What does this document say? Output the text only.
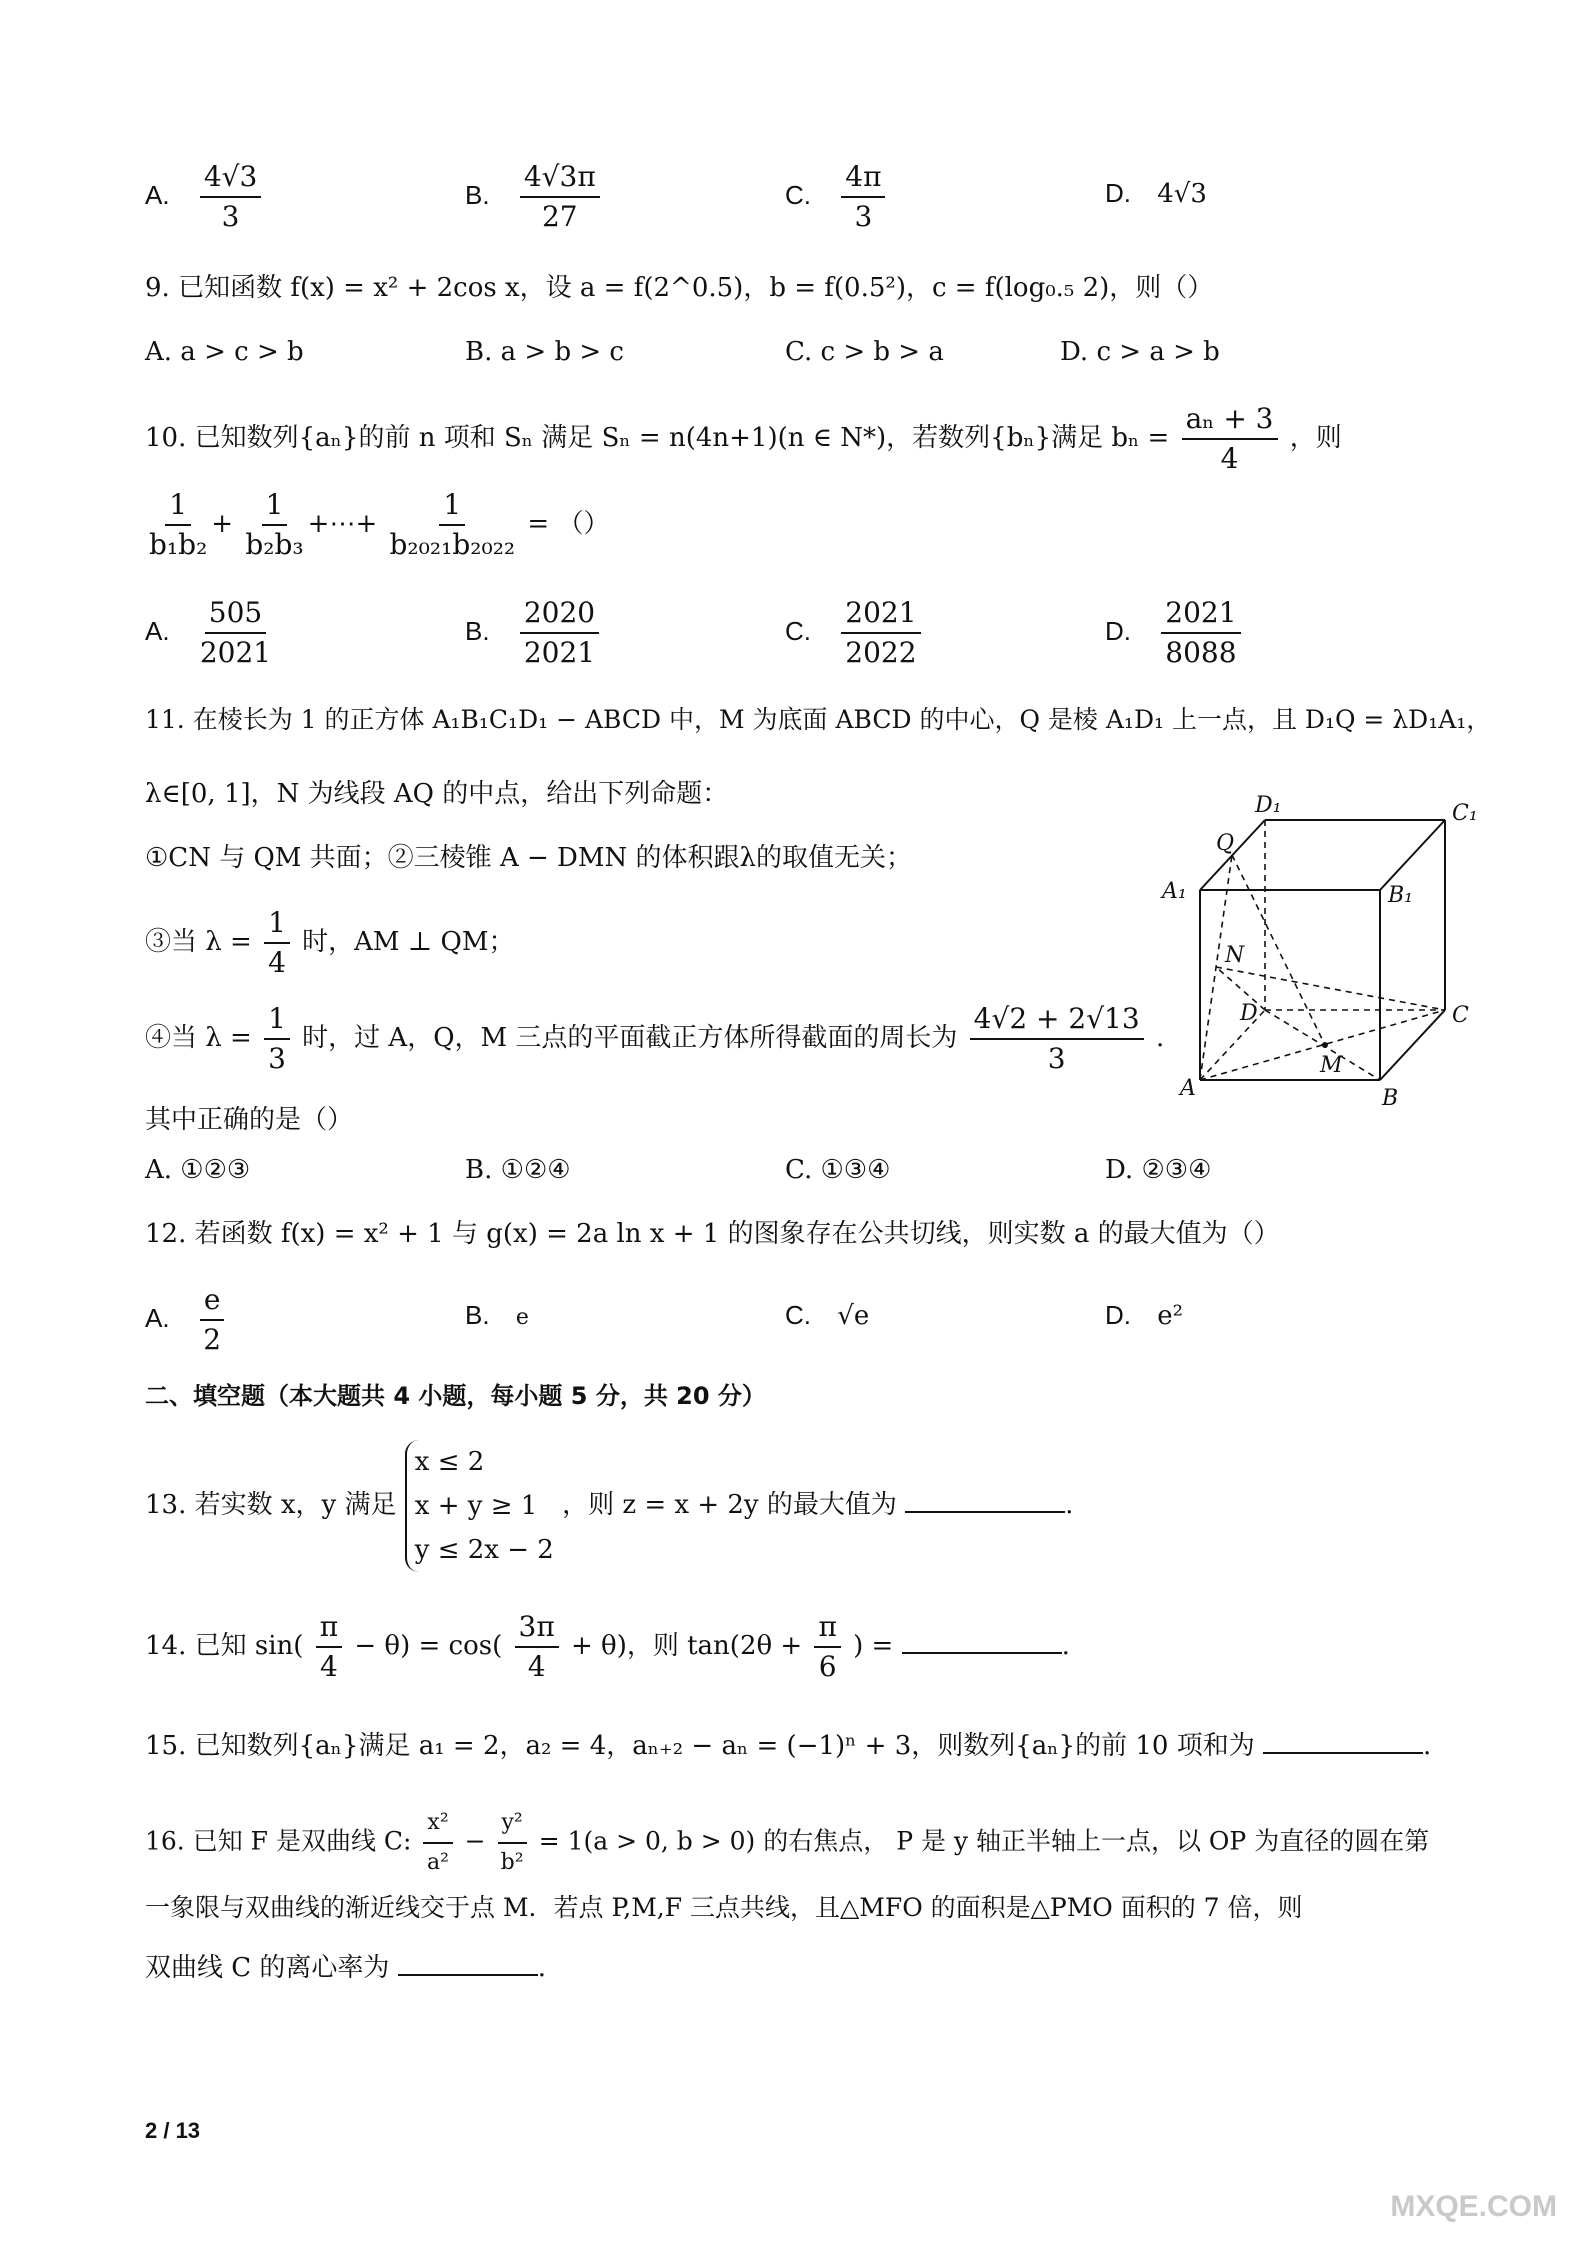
A. $\frac{4√3}{3}$	B. $\frac{4√3\pi}{27}$	C. $\frac{4\pi}{3}$	D. 4√3
9. 已知函数 f(x) = x² + 2cos x，设 a = f(2^0.5)，b = f(0.5²)，c = f(log₀.₅ 2)，则（）
A. a > c > b	B. a > b > c	C. c > b > a	D. c > a > b
10. 已知数列{aₙ}的前 n 项和 Sₙ 满足 Sₙ = n(4n+1)(n ∈ N*)，若数列{bₙ}满足 $b_n = \frac{\text{aₙ + 3}}{4}$ ，则
$\frac{1}{\text{b₁b₂}} + \frac{1}{\text{b₂b₃}}$ +⋯+ $\frac{1}{\text{b₂₀₂₁b₂₀₂₂}}$ = （）
A. $\frac{505}{2021}$	B. $\frac{2020}{2021}$	C. $\frac{2021}{2022}$	D. $\frac{2021}{8088}$
11. 在棱长为 1 的正方体 A₁B₁C₁D₁ − ABCD 中，M 为底面 ABCD 的中心，Q 是棱 A₁D₁ 上一点，且 D₁Q = λD₁A₁，
λ∈[0, 1]，N 为线段 AQ 的中点，给出下列命题：
①CN 与 QM 共面；②三棱锥 A − DMN 的体积跟λ的取值无关；
③当 $\lambda = \frac{1}{4}$ 时，AM ⊥ QM；
④当 $\lambda = \frac{1}{3}$ 时，过 A，Q，M 三点的平面截正方体所得截面的周长为 $\frac{4√2 + 2√13}{3}$ .
其中正确的是（）
A. ①②③	B. ①②④	C. ①③④	D. ②③④
D₁	C₁
Q
A₁	B₁
N
D	C
M
A	B
12. 若函数 f(x) = x² + 1 与 g(x) = 2a ln x + 1 的图象存在公共切线，则实数 a 的最大值为（）
A. $\frac{e}{2}$	B. e	C. √e	D. e²
二、填空题（本大题共 4 小题，每小题 5 分，共 20 分）
13. 若实数 x，y 满足
x ≤ 2
x + y ≥ 1
y ≤ 2x − 2
，则 z = x + 2y 的最大值为	.
14. 已知 $\sin( \frac{\pi}{4} - \theta) = \cos( \frac{3\pi}{4} + \theta)$，则 $\tan(2\theta + \frac{\pi}{6}$ ) =	.
15. 已知数列{aₙ}满足 a₁ = 2，a₂ = 4，aₙ₊₂ − aₙ = (−1)ⁿ + 3，则数列{aₙ}的前 10 项和为	.
16. 已知 F 是双曲线 C: $\frac{\text{x²}}{\text{a²}} - \frac{\text{y²}}{\text{b²}} = 1(a > 0$, b > 0) 的右焦点， P 是 y 轴正半轴上一点，以 OP 为直径的圆在第
一象限与双曲线的渐近线交于点 M．若点 P,M,F 三点共线，且△MFO 的面积是△PMO 面积的 7 倍，则
双曲线 C 的离心率为	.
2 / 13
MXQE.COM
